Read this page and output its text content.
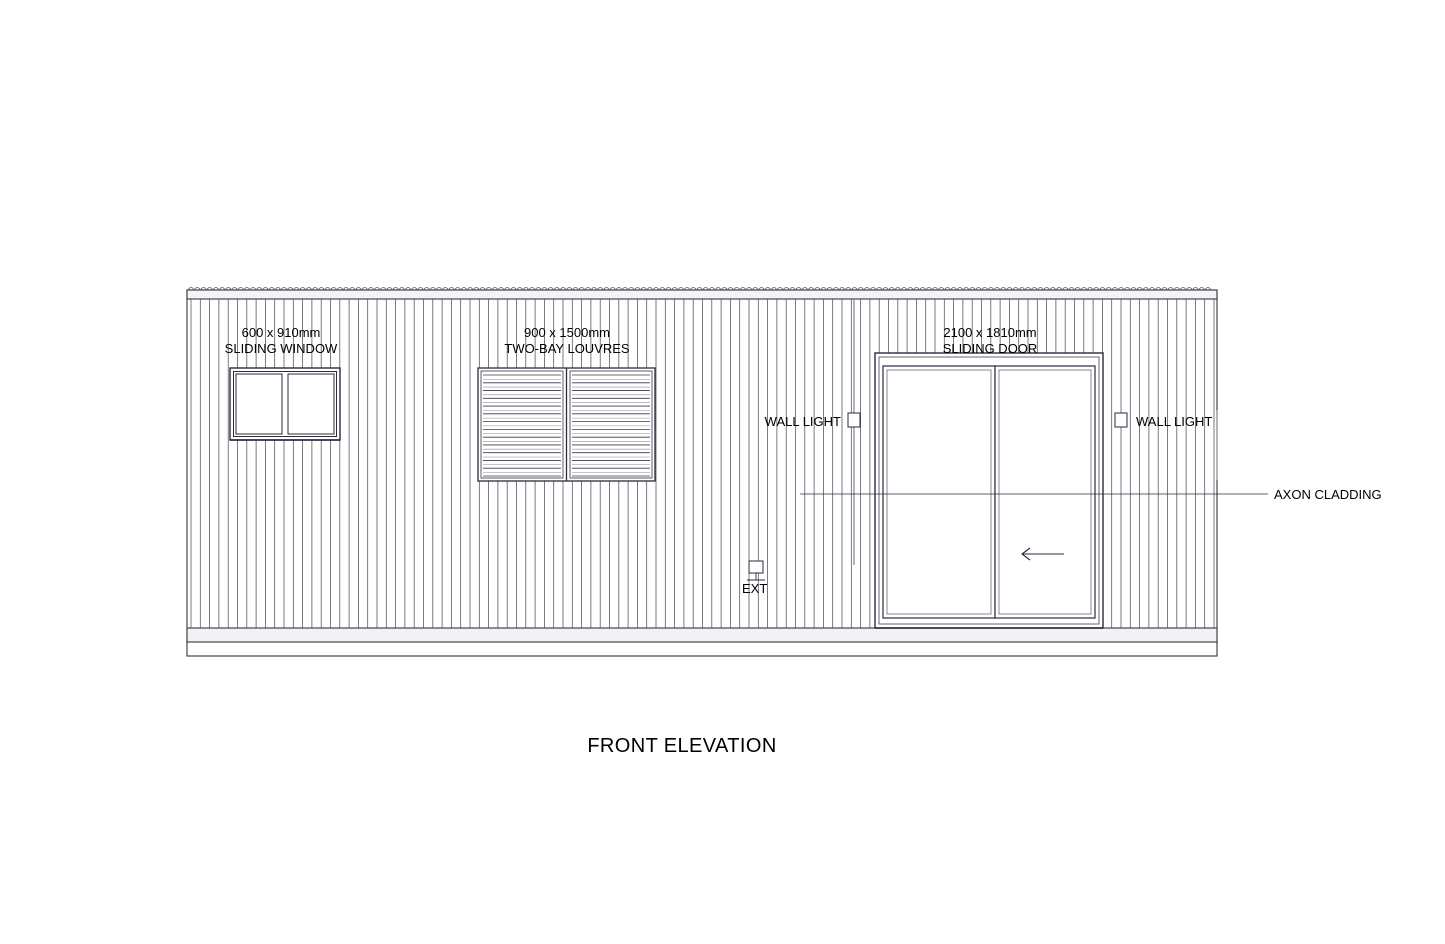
600 x 910mm
SLIDING WINDOW
900 x 1500mm
TWO-BAY LOUVRES
2100 x 1810mm
SLIDING DOOR
WALL LIGHT	WALL LIGHT
EXT
AXON CLADDING
FRONT ELEVATION
